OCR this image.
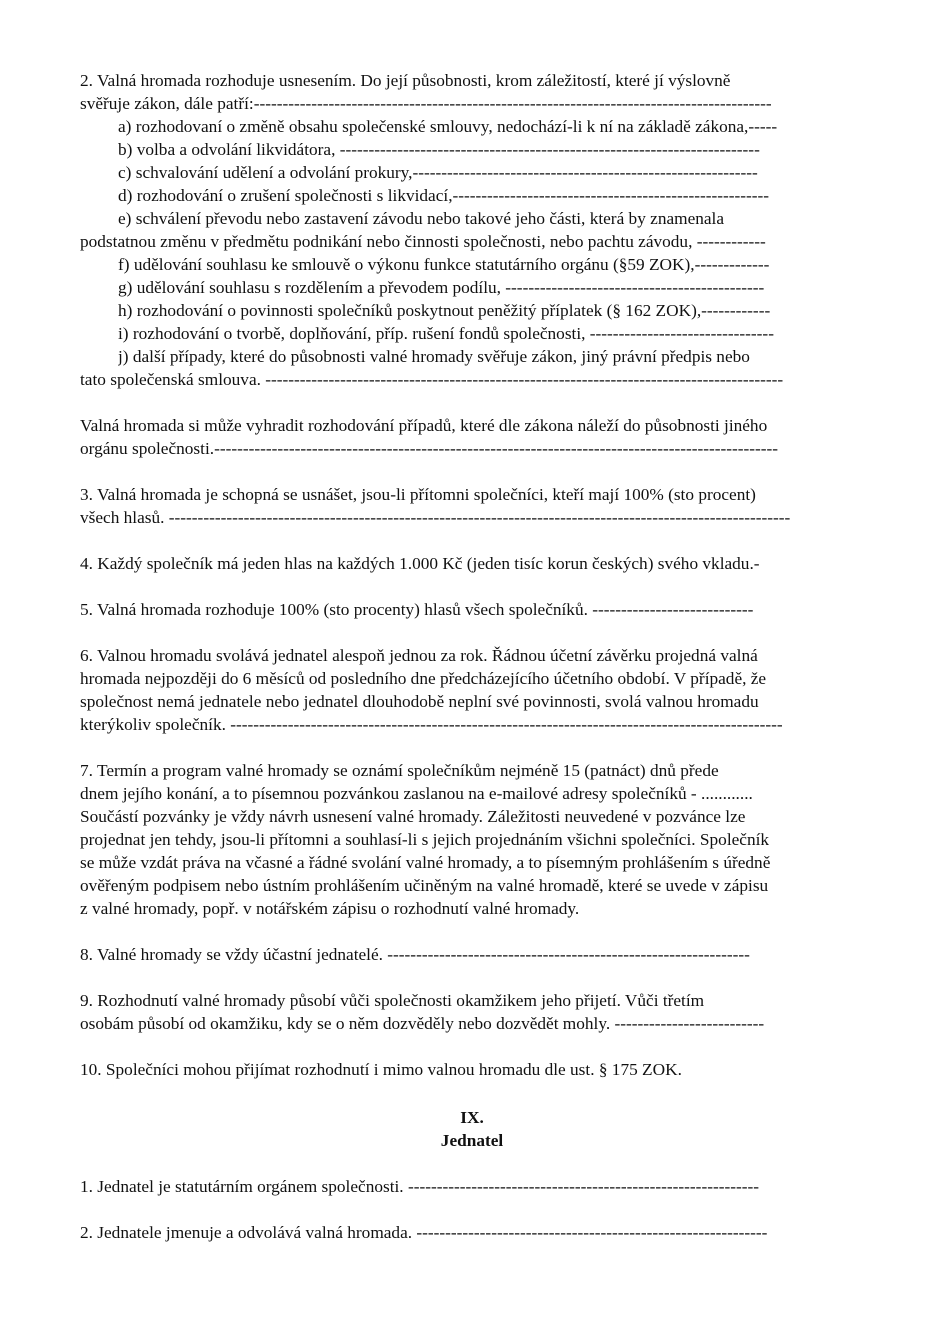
2. Valná hromada rozhoduje usnesením. Do její působnosti, krom záležitostí, které jí výslovně
svěřuje zákon, dále patří:------------------------------------------------------------------------------------------
a) rozhodovaní o změně obsahu společenské smlouvy, nedochází-li k ní na základě zákona,-----
b) volba a odvolání likvidátora, -------------------------------------------------------------------------
c) schvalování udělení a odvolání prokury,------------------------------------------------------------
d) rozhodování o zrušení společnosti s likvidací,-------------------------------------------------------
e) schválení převodu nebo zastavení závodu nebo takové jeho části, která by znamenala
podstatnou změnu v předmětu podnikání nebo činnosti společnosti, nebo pachtu závodu, ------------
f) udělování souhlasu ke smlouvě o výkonu funkce statutárního orgánu (§59 ZOK),-------------
g) udělování souhlasu s rozdělením a převodem podílu, ---------------------------------------------
h) rozhodování o povinnosti společníků poskytnout peněžitý příplatek (§ 162 ZOK),------------
i) rozhodování o tvorbě, doplňování, příp. rušení fondů společnosti, --------------------------------
j) další případy, které do působnosti valné hromady svěřuje zákon, jiný právní předpis nebo
tato společenská smlouva. ------------------------------------------------------------------------------------------
Valná hromada si může vyhradit rozhodování případů, které dle zákona náleží do působnosti jiného
orgánu společnosti.--------------------------------------------------------------------------------------------------
3. Valná hromada je schopná se usnášet, jsou-li přítomni společníci, kteří mají 100% (sto procent)
všech hlasů. ------------------------------------------------------------------------------------------------------------
4. Každý společník má jeden hlas na každých 1.000 Kč (jeden tisíc korun českých) svého vkladu.-
5. Valná hromada rozhoduje 100% (sto procenty) hlasů všech společníků. ----------------------------
6. Valnou hromadu svolává jednatel alespoň jednou za rok. Řádnou účetní závěrku projedná valná
hromada nejpozději do 6 měsíců od posledního dne předcházejícího účetního období. V případě, že
společnost nemá jednatele nebo jednatel dlouhodobě neplní své povinnosti, svolá valnou hromadu
kterýkoliv společník. ------------------------------------------------------------------------------------------------
7. Termín a program valné hromady se oznámí společníkům nejméně 15 (patnáct) dnů přede
dnem jejího konání, a to písemnou pozvánkou zaslanou na e-mailové adresy společníků - ............
Součástí pozvánky je vždy návrh usnesení valné hromady. Záležitosti neuvedené v pozvánce lze
projednat jen tehdy, jsou-li přítomni a souhlasí-li s jejich projednáním všichni společníci. Společník
se může vzdát práva na včasné a řádné svolání valné hromady, a to písemným prohlášením s úředně
ověřeným podpisem nebo ústním prohlášením učiněným na valné hromadě, které se uvede v zápisu
z valné hromady, popř. v notářském zápisu o rozhodnutí valné hromady.
8. Valné hromady se vždy účastní jednatelé. ---------------------------------------------------------------
9. Rozhodnutí valné hromady působí vůči společnosti okamžikem jeho přijetí. Vůči třetím
osobám působí od okamžiku, kdy se o něm dozvěděly nebo dozvědět mohly. --------------------------
10. Společníci mohou přijímat rozhodnutí i mimo valnou hromadu dle ust. § 175 ZOK.
IX.
Jednatel
1. Jednatel je statutárním orgánem společnosti. -------------------------------------------------------------
2. Jednatele jmenuje a odvolává valná hromada. -------------------------------------------------------------
